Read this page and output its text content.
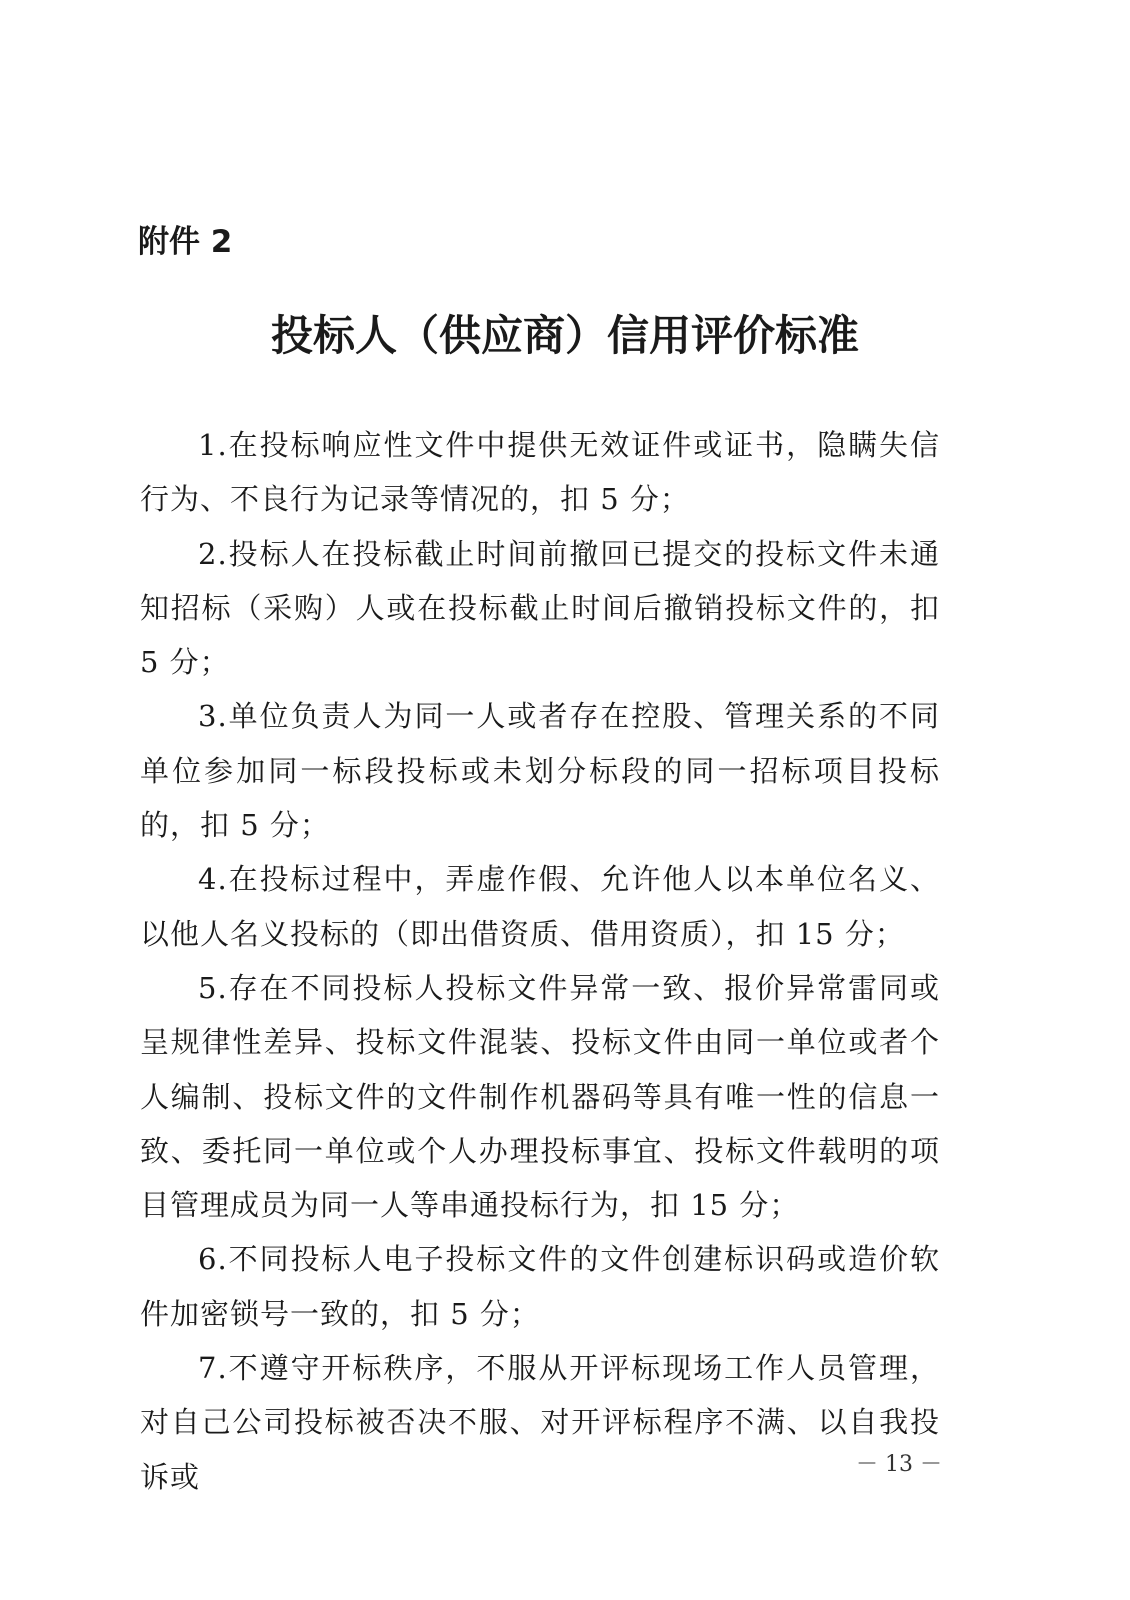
附件 2

投标人（供应商）信用评价标准

1.在投标响应性文件中提供无效证件或证书，隐瞒失信行为、不良行为记录等情况的，扣 5 分；

2.投标人在投标截止时间前撤回已提交的投标文件未通知招标（采购）人或在投标截止时间后撤销投标文件的，扣 5 分；

3.单位负责人为同一人或者存在控股、管理关系的不同单位参加同一标段投标或未划分标段的同一招标项目投标的，扣 5 分；

4.在投标过程中，弄虚作假、允许他人以本单位名义、以他人名义投标的（即出借资质、借用资质），扣 15 分；

5.存在不同投标人投标文件异常一致、报价异常雷同或呈规律性差异、投标文件混装、投标文件由同一单位或者个人编制、投标文件的文件制作机器码等具有唯一性的信息一致、委托同一单位或个人办理投标事宜、投标文件载明的项目管理成员为同一人等串通投标行为，扣 15 分；

6.不同投标人电子投标文件的文件创建标识码或造价软件加密锁号一致的，扣 5 分；

7.不遵守开标秩序，不服从开评标现场工作人员管理，对自己公司投标被否决不服、对开评标程序不满、以自我投诉或	－ 13 －
